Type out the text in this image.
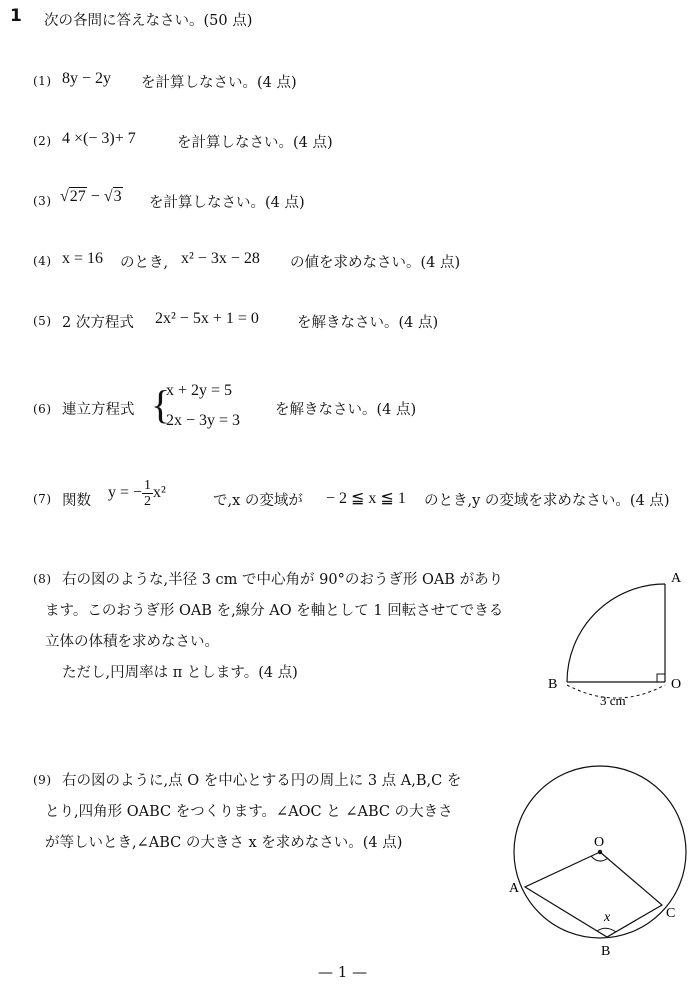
1 次の各問に答えなさい。(50 点)
(1) 8y − 2y を計算しなさい。(4 点)
(2) 4 ×(− 3)+ 7	を計算しなさい。(4 点)
(3) √27 − √3 を計算しなさい。(4 点)
(4) x = 16 のとき, x² − 3x − 28 の値を求めなさい。(4 点)
(5) 2 次方程式 2x² − 5x + 1 = 0	を解きなさい。(4 点)
(6) 連立方程式 {
x + 2y = 5
2x − 3y = 3
を解きなさい。(4 点)
(7) 関数 y = − $\frac{1}{2} x^2$	で,x の変域が − 2 ≦ x ≦ 1 のとき,y の変域を求めなさい。(4 点)
(8) 右の図のような,半径 3 cm で中心角が 90°のおうぎ形 OAB があり
ます。このおうぎ形 OAB を,線分 AO を軸として 1 回転させてできる
立体の体積を求めなさい。
ただし,円周率は π とします。(4 点)
A
B	O
3 cm
(9) 右の図のように,点 O を中心とする円の周上に 3 点 A,B,C を
とり,四角形 OABC をつくります。∠AOC と ∠ABC の大きさ
が等しいとき,∠ABC の大きさ x を求めなさい。(4 点)	O
A
B
C
x
— 1 —
